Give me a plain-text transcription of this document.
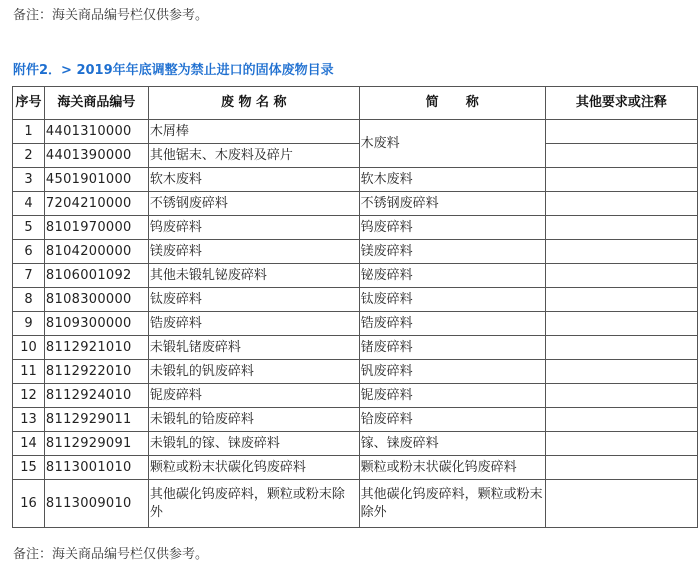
备注：海关商品编号栏仅供参考。
附件2．> 2019年年底调整为禁止进口的固体废物目录
序号	海关商品编号	废 物 名 称	简      称	其他要求或注释
1	4401310000	木屑棒	木废料	
2	4401390000	其他锯末、木废料及碎片		
3	4501901000	软木废料	软木废料	
4	7204210000	不锈钢废碎料	不锈钢废碎料	
5	8101970000	钨废碎料	钨废碎料	
6	8104200000	镁废碎料	镁废碎料	
7	8106001092	其他未锻轧铋废碎料	铋废碎料	
8	8108300000	钛废碎料	钛废碎料	
9	8109300000	锆废碎料	锆废碎料	
10	8112921010	未锻轧锗废碎料	锗废碎料	
11	8112922010	未锻轧的钒废碎料	钒废碎料	
12	8112924010	铌废碎料	铌废碎料	
13	8112929011	未锻轧的铪废碎料	铪废碎料	
14	8112929091	未锻轧的镓、铼废碎料	镓、铼废碎料	
15	8113001010	颗粒或粉末状碳化钨废碎料	颗粒或粉末状碳化钨废碎料	
16	8113009010	其他碳化钨废碎料，颗粒或粉末除外	其他碳化钨废碎料，颗粒或粉末除外	
备注：海关商品编号栏仅供参考。
